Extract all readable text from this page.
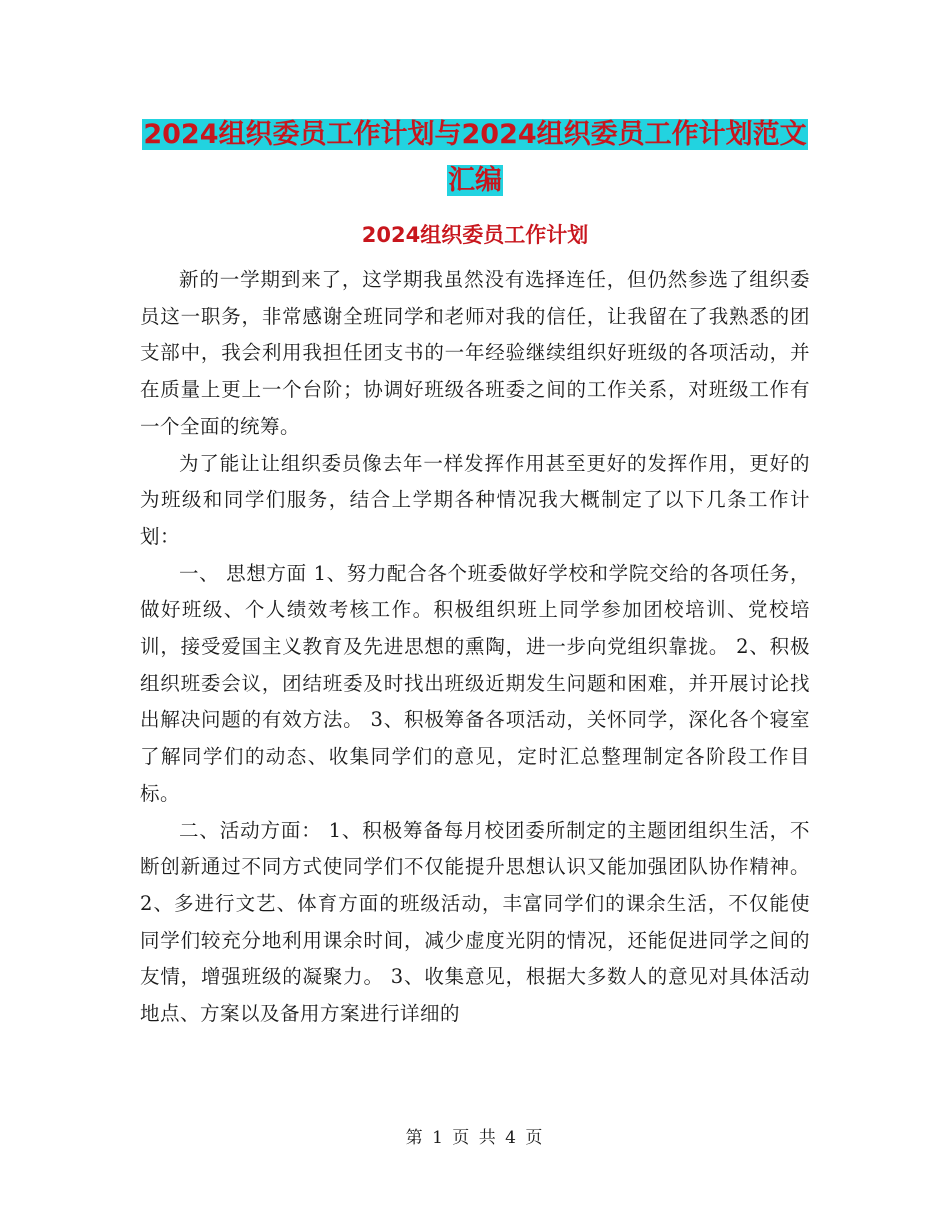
2024组织委员工作计划与2024组织委员工作计划范文
汇编
2024组织委员工作计划

新的一学期到来了，这学期我虽然没有选择连任，但仍然参选了组织委员这一职务，非常感谢全班同学和老师对我的信任，让我留在了我熟悉的团支部中，我会利用我担任团支书的一年经验继续组织好班级的各项活动，并在质量上更上一个台阶；协调好班级各班委之间的工作关系，对班级工作有一个全面的统筹。

为了能让让组织委员像去年一样发挥作用甚至更好的发挥作用，更好的为班级和同学们服务，结合上学期各种情况我大概制定了以下几条工作计划：

一、 思想方面 1、努力配合各个班委做好学校和学院交给的各项任务，做好班级、个人绩效考核工作。积极组织班上同学参加团校培训、党校培训，接受爱国主义教育及先进思想的熏陶，进一步向党组织靠拢。 2、积极组织班委会议，团结班委及时找出班级近期发生问题和困难，并开展讨论找出解决问题的有效方法。 3、积极筹备各项活动，关怀同学，深化各个寝室了解同学们的动态、收集同学们的意见，定时汇总整理制定各阶段工作目标。

二、活动方面： 1、积极筹备每月校团委所制定的主题团组织生活，不断创新通过不同方式使同学们不仅能提升思想认识又能加强团队协作精神。 2、多进行文艺、体育方面的班级活动，丰富同学们的课余生活，不仅能使同学们较充分地利用课余时间，减少虚度光阴的情况，还能促进同学之间的友情，增强班级的凝聚力。 3、收集意见，根据大多数人的意见对具体活动地点、方案以及备用方案进行详细的

第 1 页 共 4 页
